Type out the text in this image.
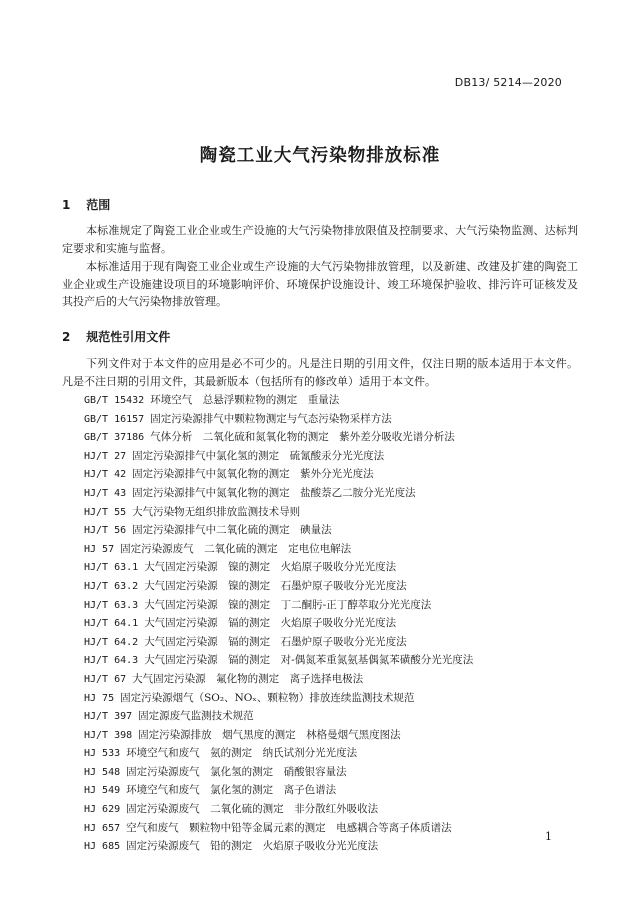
DB13/ 5214—2020
陶瓷工业大气污染物排放标准
1 范围

本标准规定了陶瓷工业企业或生产设施的大气污染物排放限值及控制要求、大气污染物监测、达标判定要求和实施与监督。

本标准适用于现有陶瓷工业企业或生产设施的大气污染物排放管理，以及新建、改建及扩建的陶瓷工业企业或生产设施建设项目的环境影响评价、环境保护设施设计、竣工环境保护验收、排污许可证核发及其投产后的大气污染物排放管理。

2 规范性引用文件

下列文件对于本文件的应用是必不可少的。凡是注日期的引用文件，仅注日期的版本适用于本文件。凡是不注日期的引用文件，其最新版本（包括所有的修改单）适用于本文件。

GB/T 15432 环境空气　总悬浮颗粒物的测定　重量法
GB/T 16157 固定污染源排气中颗粒物测定与气态污染物采样方法
GB/T 37186 气体分析　二氧化硫和氮氧化物的测定　紫外差分吸收光谱分析法
HJ/T 27 固定污染源排气中氯化氢的测定　硫氰酸汞分光光度法
HJ/T 42 固定污染源排气中氮氧化物的测定　紫外分光光度法
HJ/T 43 固定污染源排气中氮氧化物的测定　盐酸萘乙二胺分光光度法
HJ/T 55 大气污染物无组织排放监测技术导则
HJ/T 56 固定污染源排气中二氧化硫的测定　碘量法
HJ 57 固定污染源废气　二氧化硫的测定　定电位电解法
HJ/T 63.1 大气固定污染源　镍的测定　火焰原子吸收分光光度法
HJ/T 63.2 大气固定污染源　镍的测定　石墨炉原子吸收分光光度法
HJ/T 63.3 大气固定污染源　镍的测定　丁二酮肟-正丁醇萃取分光光度法
HJ/T 64.1 大气固定污染源　镉的测定　火焰原子吸收分光光度法
HJ/T 64.2 大气固定污染源　镉的测定　石墨炉原子吸收分光光度法
HJ/T 64.3 大气固定污染源　镉的测定　对-偶氮苯重氮氨基偶氮苯磺酸分光光度法
HJ/T 67 大气固定污染源　氟化物的测定　离子选择电极法
HJ 75 固定污染源烟气（SO₂、NOₓ、颗粒物）排放连续监测技术规范
HJ/T 397 固定源废气监测技术规范
HJ/T 398 固定污染源排放　烟气黑度的测定　林格曼烟气黑度图法
HJ 533 环境空气和废气　氨的测定　纳氏试剂分光光度法
HJ 548 固定污染源废气　氯化氢的测定　硝酸银容量法
HJ 549 环境空气和废气　氯化氢的测定　离子色谱法
HJ 629 固定污染源废气　二氧化硫的测定　非分散红外吸收法
HJ 657 空气和废气　颗粒物中铅等金属元素的测定　电感耦合等离子体质谱法
HJ 685 固定污染源废气　铅的测定　火焰原子吸收分光光度法
1
